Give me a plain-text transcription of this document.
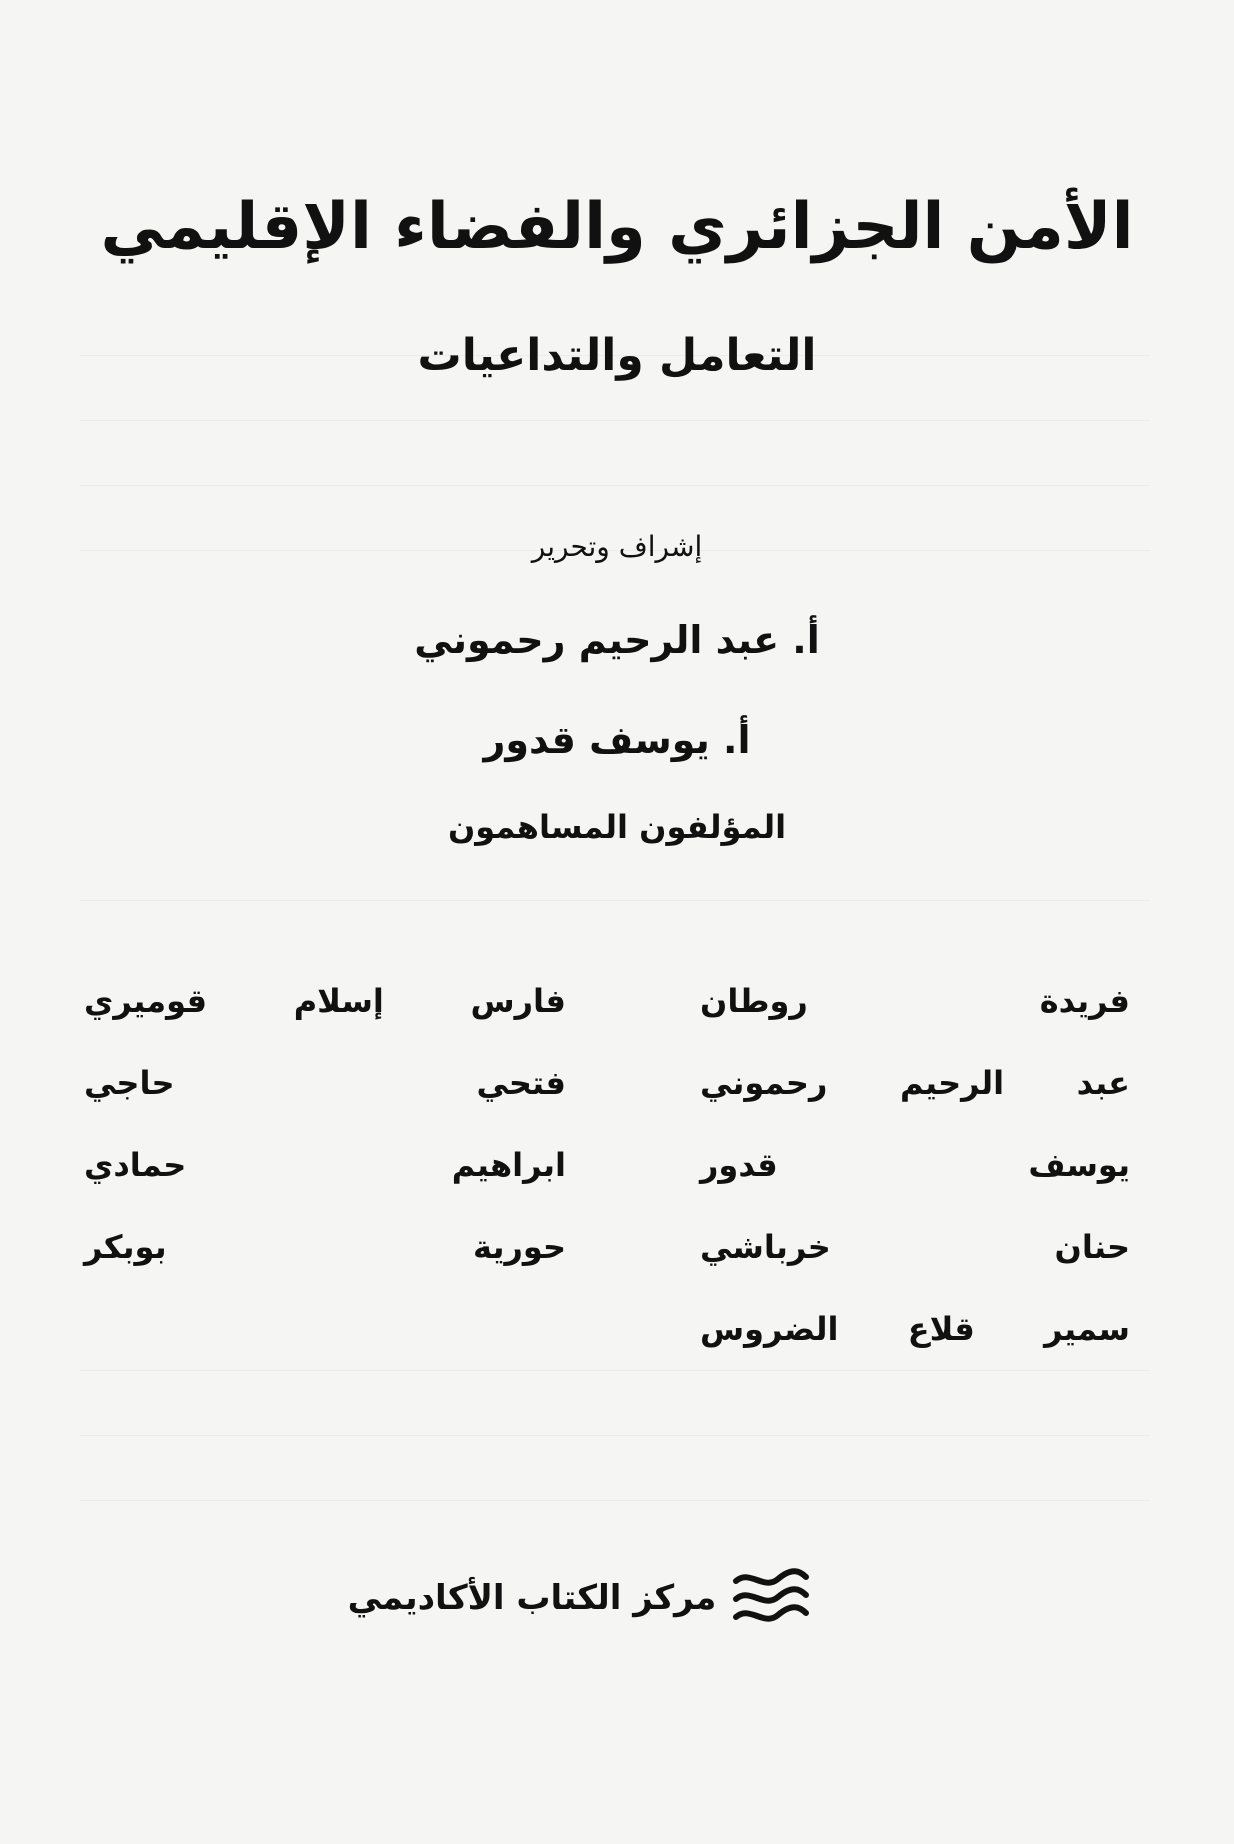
الأمن الجزائري والفضاء الإقليمي
التعامل والتداعيات
إشراف وتحرير
أ. عبد الرحيم رحموني
أ. يوسف قدور
المؤلفون المساهمون
فريدة روطان
عبد الرحيم رحموني
يوسف قدور
حنان خرباشي
سمير قلاع الضروس
فارس إسلام قوميري
فتحي حاجي
ابراهيم حمادي
حورية بوبكر
مركز الكتاب الأكاديمي
